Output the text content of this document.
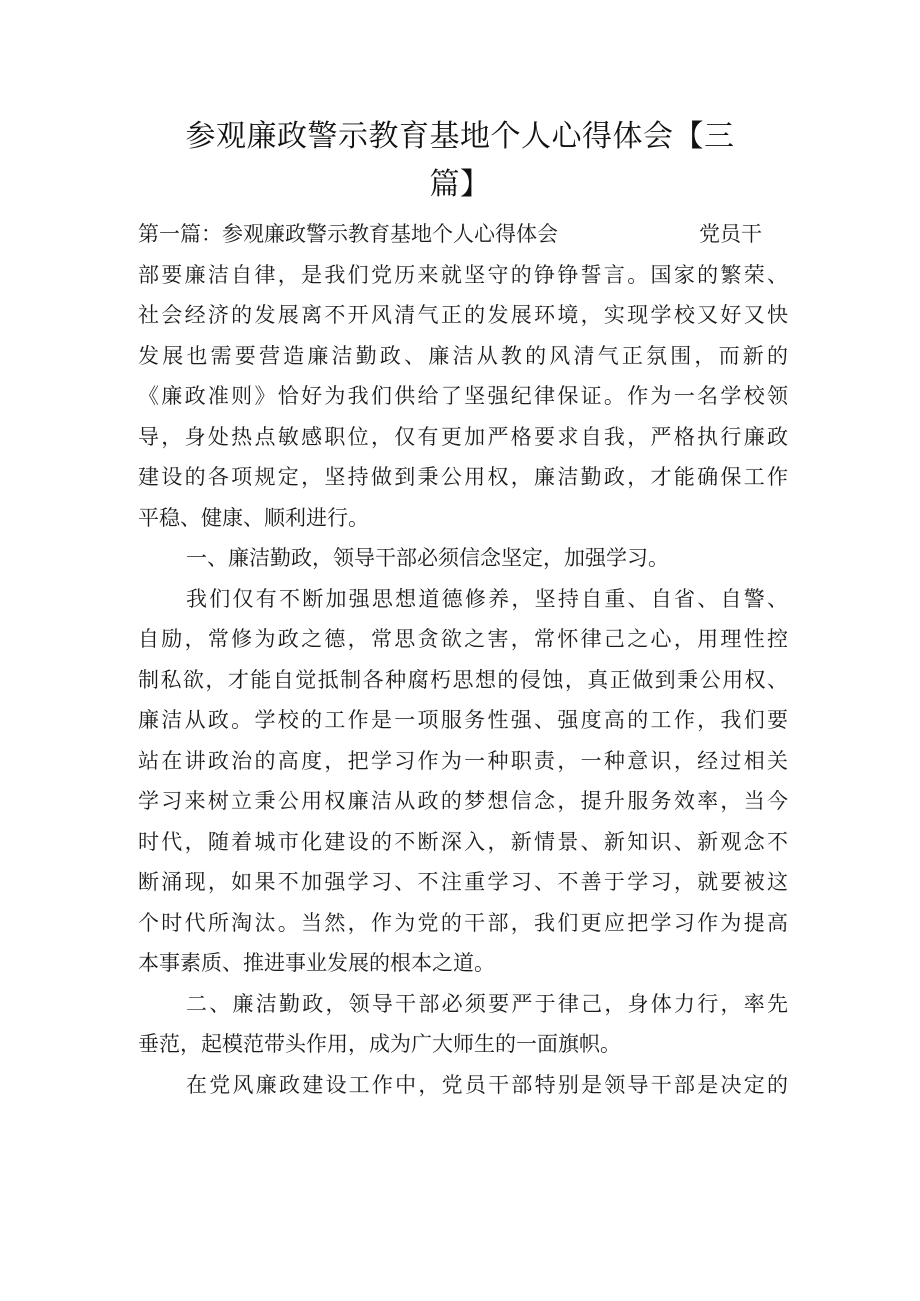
参观廉政警示教育基地个人心得体会【三
篇】
第一篇：参观廉政警示教育基地个人心得体会	党员干
部要廉洁自律，是我们党历来就坚守的铮铮誓言。国家的繁荣、
社会经济的发展离不开风清气正的发展环境，实现学校又好又快
发展也需要营造廉洁勤政、廉洁从教的风清气正氛围，而新的
《廉政准则》恰好为我们供给了坚强纪律保证。作为一名学校领
导，身处热点敏感职位，仅有更加严格要求自我，严格执行廉政
建设的各项规定，坚持做到秉公用权，廉洁勤政，才能确保工作
平稳、健康、顺利进行。
一、廉洁勤政，领导干部必须信念坚定，加强学习。
我们仅有不断加强思想道德修养，坚持自重、自省、自警、
自励，常修为政之德，常思贪欲之害，常怀律己之心，用理性控
制私欲，才能自觉抵制各种腐朽思想的侵蚀，真正做到秉公用权、
廉洁从政。学校的工作是一项服务性强、强度高的工作，我们要
站在讲政治的高度，把学习作为一种职责，一种意识，经过相关
学习来树立秉公用权廉洁从政的梦想信念，提升服务效率，当今
时代，随着城市化建设的不断深入，新情景、新知识、新观念不
断涌现，如果不加强学习、不注重学习、不善于学习，就要被这
个时代所淘汰。当然，作为党的干部，我们更应把学习作为提高
本事素质、推进事业发展的根本之道。
二、廉洁勤政，领导干部必须要严于律己，身体力行，率先
垂范，起模范带头作用，成为广大师生的一面旗帜。
在党风廉政建设工作中，党员干部特别是领导干部是决定的
